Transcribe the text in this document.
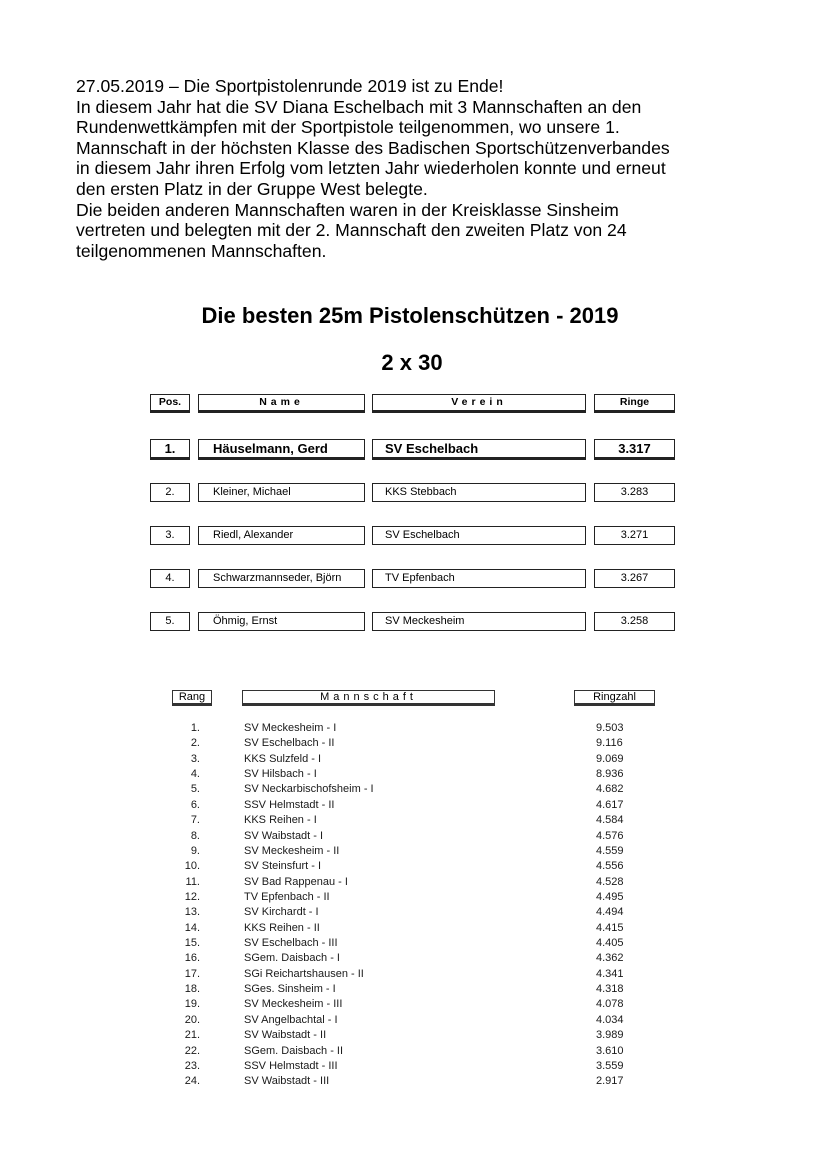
27.05.2019 – Die Sportpistolenrunde 2019 ist zu Ende!
In diesem Jahr hat die SV Diana Eschelbach mit 3 Mannschaften an den
Rundenwettkämpfen mit der Sportpistole teilgenommen, wo unsere 1.
Mannschaft in der höchsten Klasse des Badischen Sportschützenverbandes
in diesem Jahr ihren Erfolg vom letzten Jahr wiederholen konnte und erneut
den ersten Platz in der Gruppe West belegte.
Die beiden anderen Mannschaften waren in der Kreisklasse Sinsheim
vertreten und belegten mit der 2. Mannschaft den zweiten Platz von 24
teilgenommenen Mannschaften.
Die besten 25m Pistolenschützen - 2019
2 x 30
Pos.	Name	Verein	Ringe
1.	Häuselmann, Gerd	SV Eschelbach	3.317
2.	Kleiner, Michael	KKS Stebbach	3.283
3.	Riedl, Alexander	SV Eschelbach	3.271
4.	Schwarzmannseder, Björn	TV Epfenbach	3.267
5.	Öhmig, Ernst	SV Meckesheim	3.258
Rang	Mannschaft	Ringzahl
1.	SV Meckesheim - I	9.503
2.	SV Eschelbach - II	9.116
3.	KKS Sulzfeld - I	9.069
4.	SV Hilsbach - I	8.936
5.	SV Neckarbischofsheim - I	4.682
6.	SSV Helmstadt - II	4.617
7.	KKS Reihen - I	4.584
8.	SV Waibstadt - I	4.576
9.	SV Meckesheim - II	4.559
10.	SV Steinsfurt - I	4.556
11.	SV Bad Rappenau - I	4.528
12.	TV Epfenbach - II	4.495
13.	SV Kirchardt - I	4.494
14.	KKS Reihen - II	4.415
15.	SV Eschelbach - III	4.405
16.	SGem. Daisbach - I	4.362
17.	SGi Reichartshausen - II	4.341
18.	SGes. Sinsheim - I	4.318
19.	SV Meckesheim - III	4.078
20.	SV Angelbachtal - I	4.034
21.	SV Waibstadt - II	3.989
22.	SGem. Daisbach - II	3.610
23.	SSV Helmstadt - III	3.559
24.	SV Waibstadt - III	2.917
